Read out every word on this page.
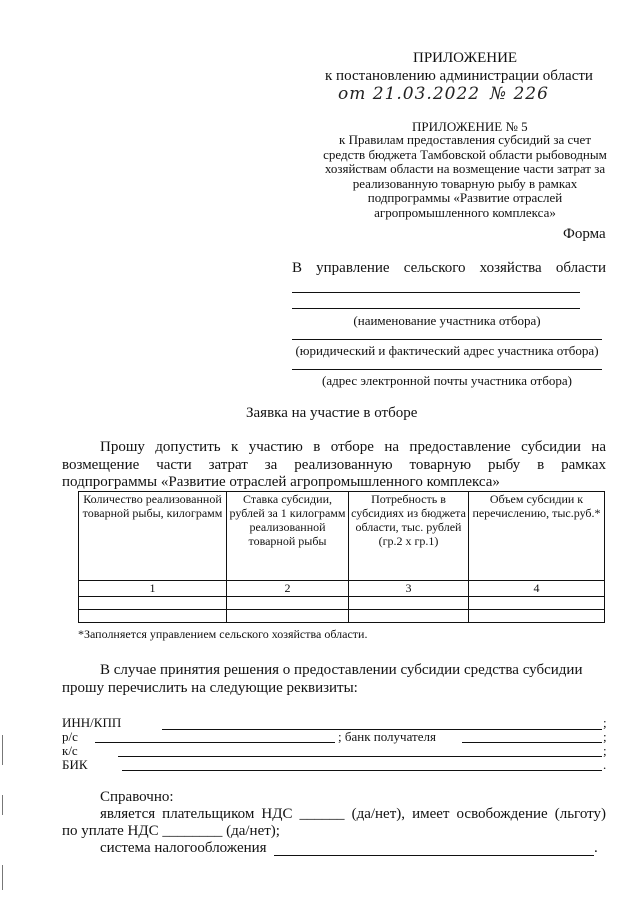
ПРИЛОЖЕНИЕ
к постановлению администрации области
от 21.03.2022 № 226
ПРИЛОЖЕНИЕ № 5
к Правилам предоставления субсидий за счет
средств бюджета Тамбовской области рыбоводным
хозяйствам области на возмещение части затрат за
реализованную товарную рыбу в рамках
подпрограммы «Развитие отраслей
агропромышленного комплекса»
Форма
В управление сельского хозяйства области
(наименование участника отбора)
(юридический и фактический адрес участника отбора)
(адрес электронной почты участника отбора)
Заявка на участие в отборе
Прошу допустить к участию в отборе на предоставление субсидии на
возмещение части затрат за реализованную товарную рыбу в рамках
подпрограммы «Развитие отраслей агропромышленного комплекса»
Количество реализованной товарной рыбы, килограмм	Ставка субсидии, рублей за 1 килограмм реализованной товарной рыбы	Потребность в субсидиях из бюджета области, тыс. рублей (гр.2 х гр.1)	Объем субсидии к перечислению, тыс.руб.*
1	2	3	4

*Заполняется управлением сельского хозяйства области.
В случае принятия решения о предоставлении субсидии средства субсидии
прошу перечислить на следующие реквизиты:
ИНН/КПП	;
р/с	; банк получателя	;
к/с	;
БИК	.
Справочно:
является плательщиком НДС ______ (да/нет), имеет освобождение (льготу)
по уплате НДС ________ (да/нет);
система налогообложения	.
